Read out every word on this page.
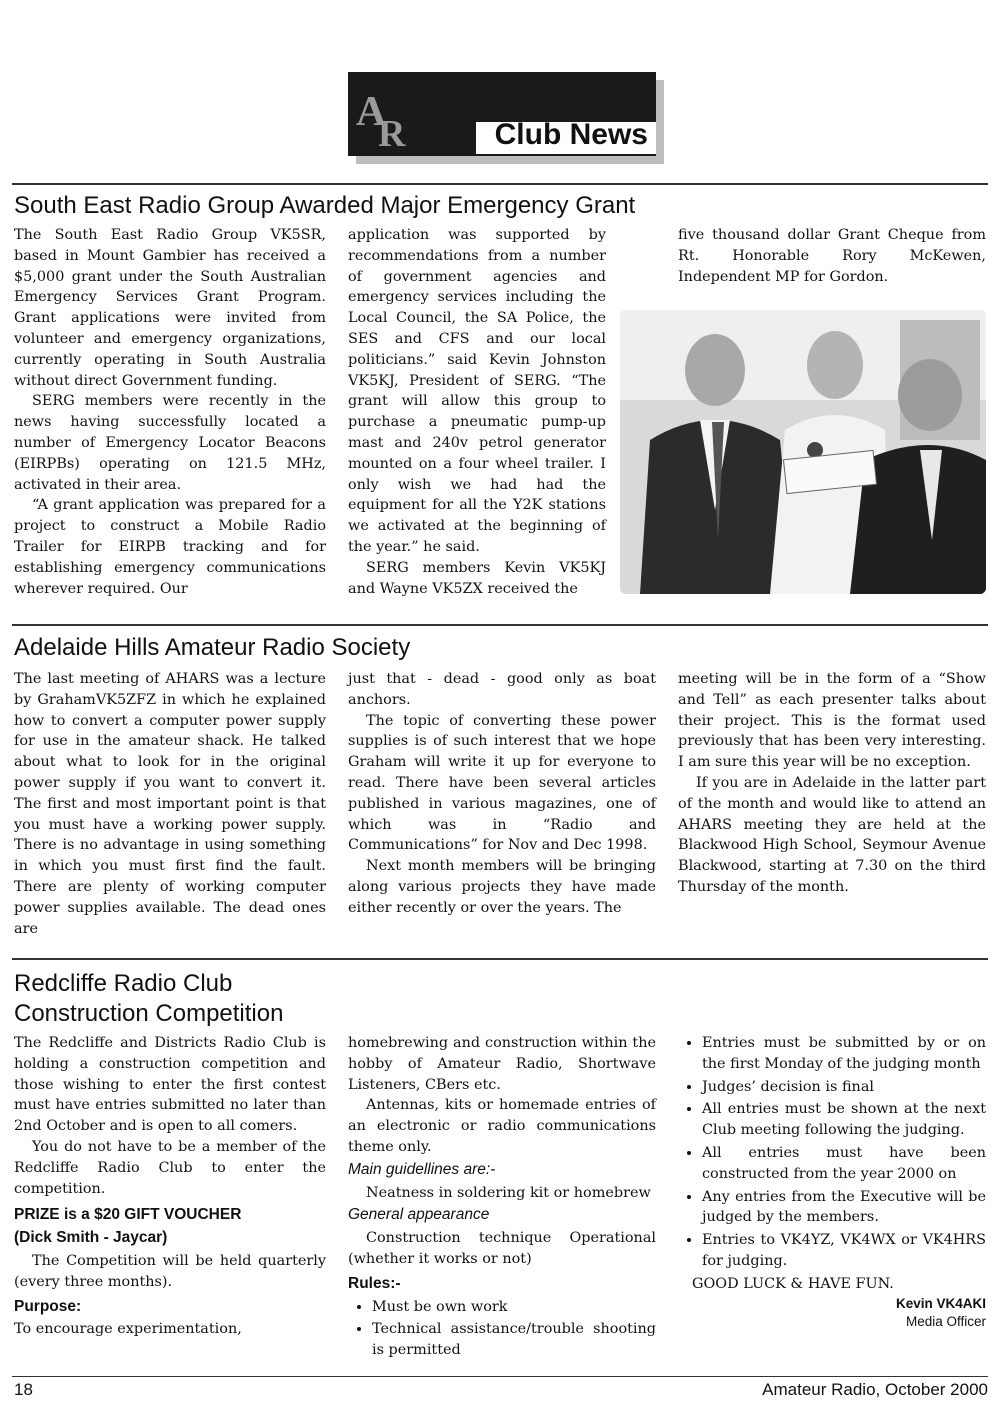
A
R	Club News
South East Radio Group Awarded Major Emergency Grant

The South East Radio Group VK5SR, based in Mount Gambier has received a $5,000 grant under the South Australian Emergency Services Grant Program. Grant applications were invited from volunteer and emergency organizations, currently operating in South Australia without direct Government funding.

SERG members were recently in the news having successfully located a number of Emergency Locator Beacons (EIRPBs) operating on 121.5 MHz, activated in their area.

“A grant application was prepared for a project to construct a Mobile Radio Trailer for EIRPB tracking and for establishing emergency communications wherever required. Our

application was supported by recommendations from a number of government agencies and emergency services including the Local Council, the SA Police, the SES and CFS and our local politicians.” said Kevin Johnston VK5KJ, President of SERG. “The grant will allow this group to purchase a pneumatic pump-up mast and 240v petrol generator mounted on a four wheel trailer. I only wish we had had the equipment for all the Y2K stations we activated at the beginning of the year.” he said.

SERG members Kevin VK5KJ and Wayne VK5ZX received the

five thousand dollar Grant Cheque from Rt. Honorable Rory McKewen, Independent MP for Gordon.

Adelaide Hills Amateur Radio Society

The last meeting of AHARS was a lecture by GrahamVK5ZFZ in which he explained how to convert a computer power supply for use in the amateur shack. He talked about what to look for in the original power supply if you want to convert it. The first and most important point is that you must have a working power supply. There is no advantage in using something in which you must first find the fault. There are plenty of working computer power supplies available. The dead ones are

just that - dead - good only as boat anchors.

The topic of converting these power supplies is of such interest that we hope Graham will write it up for everyone to read. There have been several articles published in various magazines, one of which was in “Radio and Communications” for Nov and Dec 1998.

Next month members will be bringing along various projects they have made either recently or over the years. The

meeting will be in the form of a “Show and Tell” as each presenter talks about their project. This is the format used previously that has been very interesting. I am sure this year will be no exception.

If you are in Adelaide in the latter part of the month and would like to attend an AHARS meeting they are held at the Blackwood High School, Seymour Avenue Blackwood, starting at 7.30 on the third Thursday of the month.

Redcliffe Radio Club
Construction Competition

The Redcliffe and Districts Radio Club is holding a construction competition and those wishing to enter the first contest must have entries submitted no later than 2nd October and is open to all comers.

You do not have to be a member of the Redcliffe Radio Club to enter the competition.

PRIZE is a $20 GIFT VOUCHER

(Dick Smith - Jaycar)

The Competition will be held quarterly (every three months).

Purpose:

To encourage experimentation,

homebrewing and construction within the hobby of Amateur Radio, Shortwave Listeners, CBers etc.

Antennas, kits or homemade entries of an electronic or radio communications theme only.

Main guidellines are:-

Neatness in soldering kit or homebrew

General appearance

Construction technique Operational (whether it works or not)

Rules:-

• Must be own work
• Technical assistance/trouble shooting is permitted
• Entries must be submitted by or on the first Monday of the judging month
• Judges’ decision is final
• All entries must be shown at the next Club meeting following the judging.
• All entries must have been constructed from the year 2000 on
• Any entries from the Executive will be judged by the members.
• Entries to VK4YZ, VK4WX or VK4HRS for judging.

GOOD LUCK & HAVE FUN.

Kevin VK4AKI
Media Officer
18	Amateur Radio, October 2000
